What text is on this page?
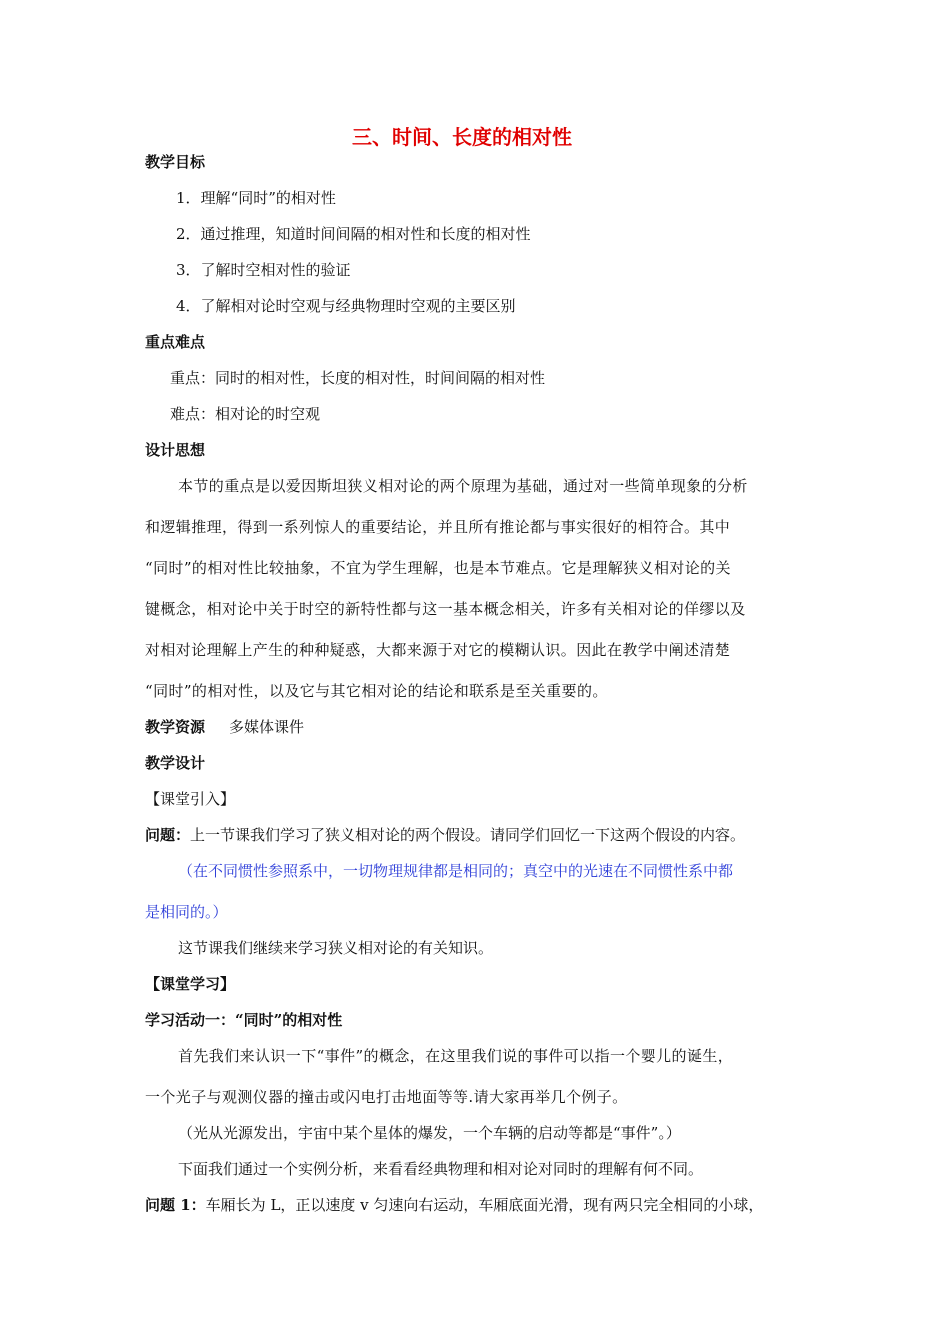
三、时间、长度的相对性
教学目标
1．理解“同时”的相对性
2．通过推理，知道时间间隔的相对性和长度的相对性
3．了解时空相对性的验证
4．了解相对论时空观与经典物理时空观的主要区别
重点难点
重点：同时的相对性，长度的相对性，时间间隔的相对性
难点：相对论的时空观
设计思想
本节的重点是以爱因斯坦狭义相对论的两个原理为基础，通过对一些简单现象的分析
和逻辑推理，得到一系列惊人的重要结论，并且所有推论都与事实很好的相符合。其中
“同时”的相对性比较抽象，不宜为学生理解，也是本节难点。它是理解狭义相对论的关
键概念，相对论中关于时空的新特性都与这一基本概念相关，许多有关相对论的佯缪以及
对相对论理解上产生的种种疑惑，大都来源于对它的模糊认识。因此在教学中阐述清楚
“同时”的相对性，以及它与其它相对论的结论和联系是至关重要的。
教学资源 多媒体课件
教学设计
【课堂引入】
问题：上一节课我们学习了狭义相对论的两个假设。请同学们回忆一下这两个假设的内容。
（在不同惯性参照系中，一切物理规律都是相同的；真空中的光速在不同惯性系中都
是相同的。）
这节课我们继续来学习狭义相对论的有关知识。
【课堂学习】
学习活动一：“同时”的相对性
首先我们来认识一下“事件”的概念，在这里我们说的事件可以指一个婴儿的诞生，
一个光子与观测仪器的撞击或闪电打击地面等等.请大家再举几个例子。
（光从光源发出，宇宙中某个星体的爆发，一个车辆的启动等都是“事件”。）
下面我们通过一个实例分析，来看看经典物理和相对论对同时的理解有何不同。
问题 1：车厢长为 L，正以速度 v 匀速向右运动，车厢底面光滑，现有两只完全相同的小球，
